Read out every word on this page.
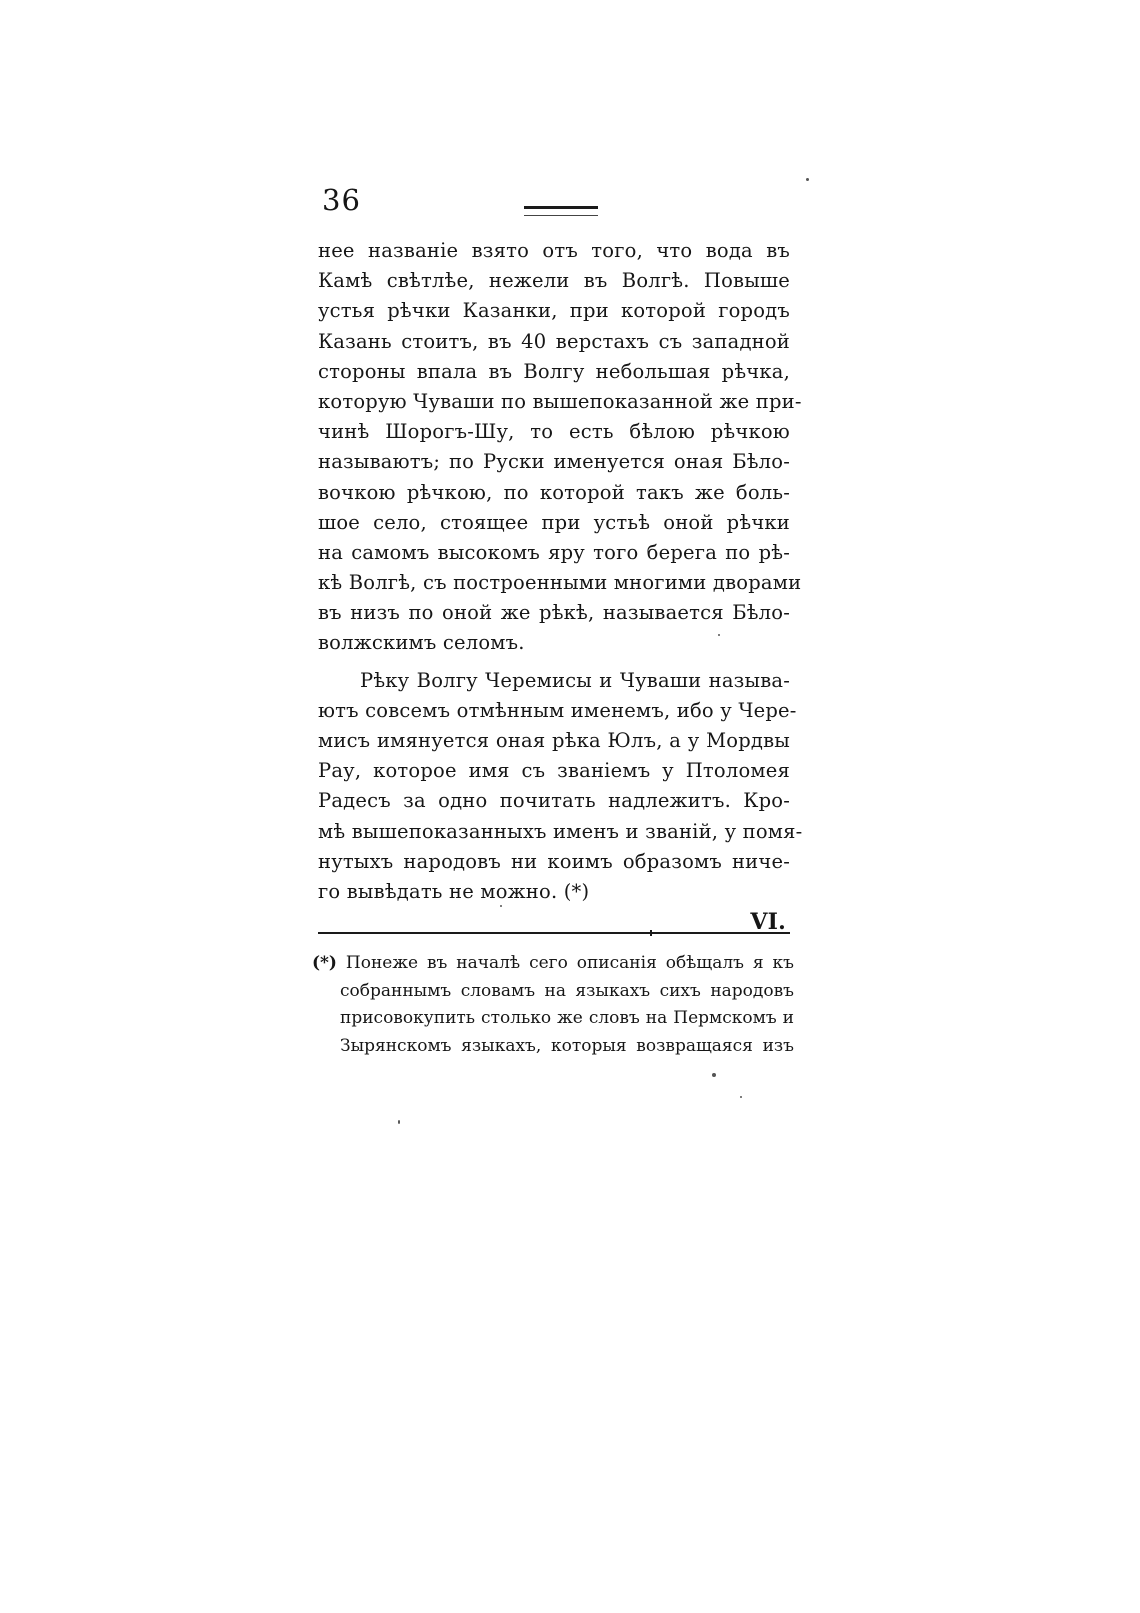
36
нее названіе взято отъ того, что вода въ
Камѣ свѣтлѣе, нежели въ Волгѣ. Повыше
устья рѣчки Казанки, при которой городъ
Казань стоитъ, въ 40 верстахъ съ западной
стороны впала въ Волгу небольшая рѣчка,
которую Чуваши по вышепоказанной же при-
чинѣ Шорогъ-Шу, то есть бѣлою рѣчкою
называютъ; по Руски именуется оная Бѣло-
вочкою рѣчкою, по которой такъ же боль-
шое село, стоящее при устьѣ оной рѣчки
на самомъ высокомъ яру того берега по рѣ-
кѣ Волгѣ, съ построенными многими дворами
въ низъ по оной же рѣкѣ, называется Бѣло-
волжскимъ селомъ.
Рѣку Волгу Черемисы и Чуваши называ-
ютъ совсемъ отмѣнным именемъ, ибо у Чере-
мисъ имянуется оная рѣка Юлъ, а у Мордвы
Рау, которое имя съ званіемъ у Птоломея
Радесъ за одно почитать надлежитъ. Кро-
мѣ вышепоказанныхъ именъ и званій, у помя-
нутыхъ народовъ ни коимъ образомъ ниче-
го вывѣдать не можно. (*)
VI.
(*) Понеже въ началѣ сего описанія обѣщалъ я къ
собраннымъ словамъ на языкахъ сихъ народовъ
присовокупить столько же словъ на Пермскомъ и
Зырянскомъ языкахъ, которыя возвращаяся изъ
